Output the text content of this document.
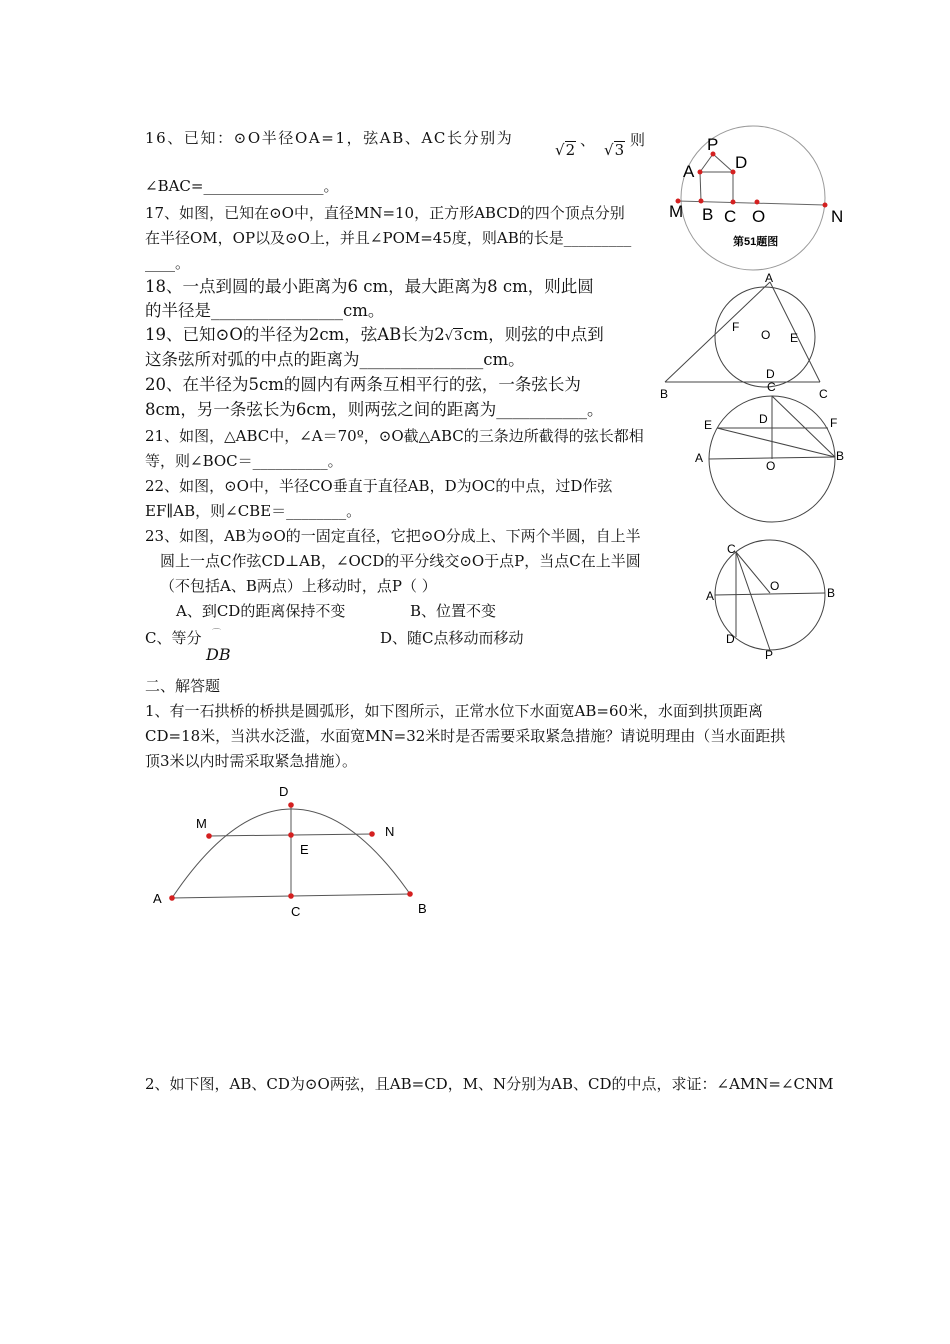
16、已知：⊙O半径OA=1，弦AB、AC长分别为
√2
、
√3
则
∠BAC=________________。
17、如图，已知在⊙O中，直径MN=10，正方形ABCD的四个顶点分别
在半径OM，OP以及⊙O上，并且∠POM=45度，则AB的长是_________
____。
18、一点到圆的最小距离为6 cm，最大距离为8 cm，则此圆
的半径是________________cm。
19、已知⊙O的半径为2cm，弦AB长为2√3cm，则弦的中点到
这条弦所对弧的中点的距离为_______________cm。
20、在半径为5cm的圆内有两条互相平行的弦，一条弦长为
8cm，另一条弦长为6cm，则两弦之间的距离为___________。
21、如图，△ABC中，∠A＝70º，⊙O截△ABC的三条边所截得的弦长都相
等，则∠BOC＝__________。
22、如图，⊙O中，半径CO垂直于直径AB，D为OC的中点，过D作弦
EF∥AB，则∠CBE＝________。
23、如图，AB为⊙O的一固定直径，它把⊙O分成上、下两个半圆，自上半
圆上一点C作弦CD⊥AB，∠OCD的平分线交⊙O于点P，当点C在上半圆
（不包括A、B两点）上移动时，点P（ ）
A、到CD的距离保持不变	B、位置不变
C、等分 ⌒
DB
D、随C点移动而移动
二、解答题
1、有一石拱桥的桥拱是圆弧形，如下图所示，正常水位下水面宽AB=60米，水面到拱顶距离
CD=18米，当洪水泛滥，水面宽MN=32米时是否需要采取紧急措施？请说明理由（当水面距拱
顶3米以内时需采取紧急措施）。
2、如下图，AB、CD为⊙O两弦，且AB=CD，M、N分别为AB、CD的中点，求证：∠AMN=∠CNM
P
D
A
M B C O	N
第51题图
A
F
O E
D
B	C
C
D
E	F
A
O
B
C
O
A	B
D
P
D
M
N
E
A
C	B
